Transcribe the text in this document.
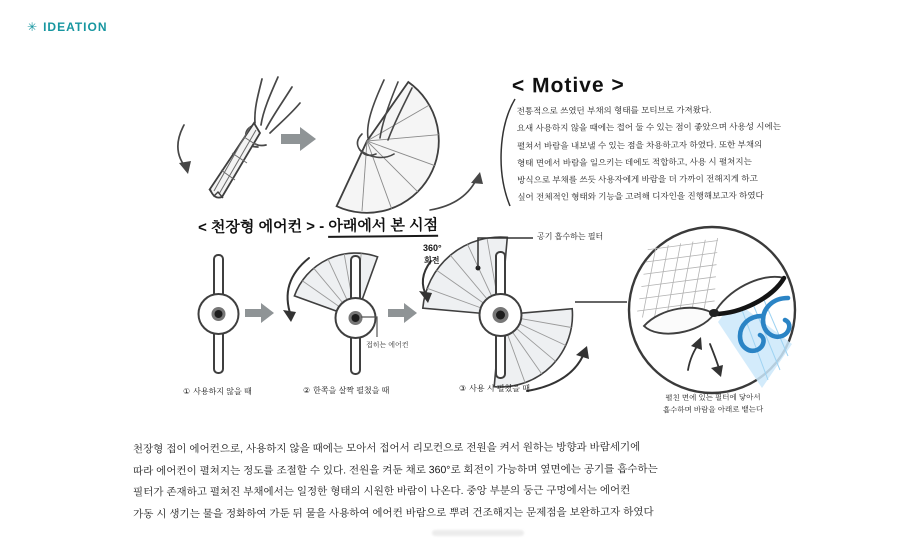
✳ IDEATION
< Motive >
전통적으로 쓰였던 부채의 형태를 모티브로 가져왔다.
요새 사용하지 않을 때에는 접어 둘 수 있는 점이 좋았으며 사용성 시에는
펼쳐서 바람을 내보낼 수 있는 점을 차용하고자 하였다. 또한 부채의
형태 면에서 바람을 일으키는 데에도 적합하고, 사용 시 펼쳐지는
방식으로 부채를 쓰듯 사용자에게 바람을 더 가까이 전해지게 하고
싶어 전체적인 형태와 기능을 고려해 디자인을 진행해보고자 하였다
< 천장형 에어컨 > - 아래에서 본 시점
360°
회전
공기 흡수하는 필터
접히는 에어컨
펼친 면에 있는 필터에 닿아서
흡수하며 바람을 아래로 뱉는다
① 사용하지 않을 때	② 한쪽을 살짝 펼쳤을 때	③ 사용 시 펼쳤을 때
천장형 접이 에어컨으로, 사용하지 않을 때에는 모아서 접어서 리모컨으로 전원을 켜서 원하는 방향과 바람세기에
따라 에어컨이 펼쳐지는 정도를 조절할 수 있다. 전원을 켜둔 채로 360°로 회전이 가능하며 옆면에는 공기를 흡수하는
필터가 존재하고 펼쳐진 부채에서는 일정한 형태의 시원한 바람이 나온다. 중앙 부분의 둥근 구멍에서는 에어컨
가동 시 생기는 물을 정화하여 가둔 뒤 물을 사용하여 에어컨 바람으로 뿌려 건조해지는 문제점을 보완하고자 하였다
